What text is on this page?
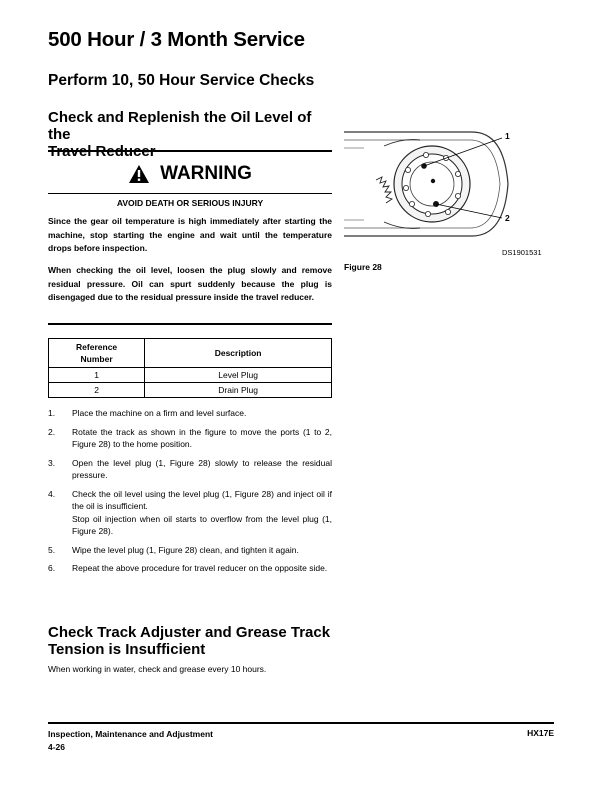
500 Hour / 3 Month Service
Perform 10, 50 Hour Service Checks
Check and Replenish the Oil Level of the

WARNING
AVOID DEATH OR SERIOUS INJURY

Since the gear oil temperature is high immediately after starting the machine, stop starting the engine and wait until the temperature drops before inspection.

When checking the oil level, loosen the plug slowly and remove residual pressure. Oil can spurt suddenly because the plug is disengaged due to the residual pressure inside the travel reducer.

Reference
Number	Description
1	Level Plug
2	Drain Plug
1. Place the machine on a firm and level surface.
2. Rotate the track as shown in the figure to move the ports (1 to 2, Figure 28) to the home position.
3. Open the level plug (1, Figure 28) slowly to release the residual pressure.
4. Check the oil level using the level plug (1, Figure 28) and inject oil if the oil is insufficient.
Stop oil injection when oil starts to overflow from the level plug (1, Figure 28).
5. Wipe the level plug (1, Figure 28) clean, and tighten it again.
6. Repeat the above procedure for travel reducer on the opposite side.
Check Track Adjuster and Grease Track
Tension is Insufficient
When working in water, check and grease every 10 hours.
1
2
DS1901531
Figure 28
Inspection, Maintenance and Adjustment
4-26
HX17E
